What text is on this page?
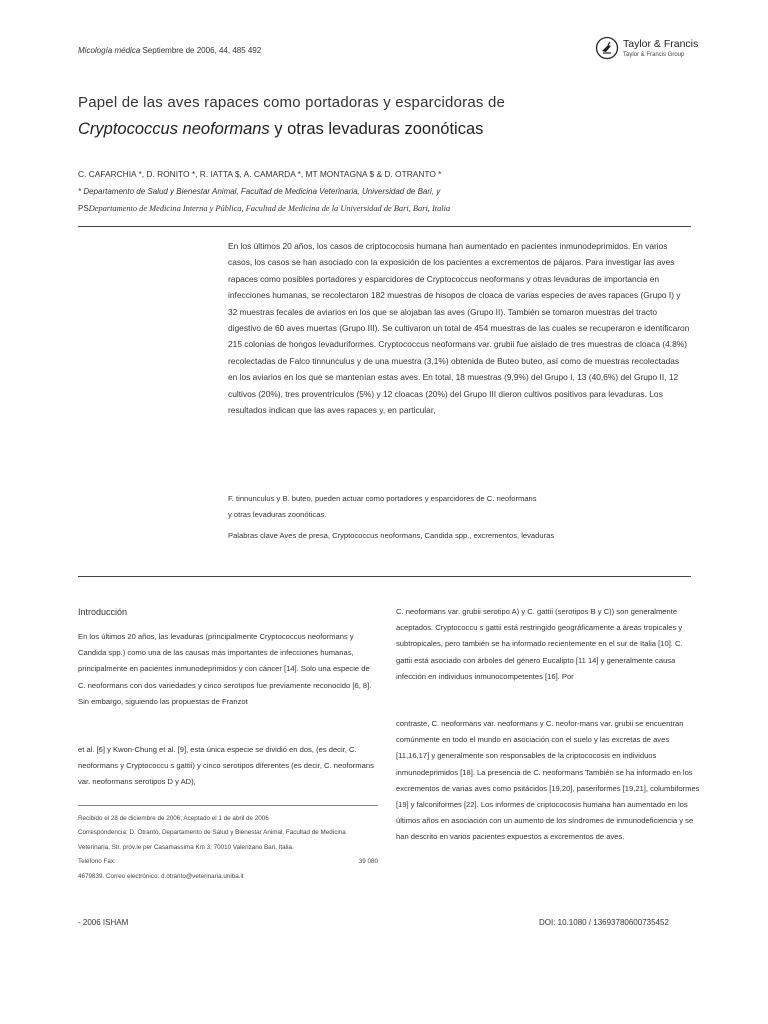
Micología médica Septiembre de 2006, 44, 485 492
Taylor & Francis
Taylor & Francis Group
Papel de las aves rapaces como portadoras y esparcidoras de
Cryptococcus neoformans y otras levaduras zoonóticas
C. CAFARCHIA *, D. RONITO *, R. IATTA $, A. CAMARDA *, MT MONTAGNA $ & D. OTRANTO *
* Departamento de Salud y Bienestar Animal, Facultad de Medicina Veterinaria, Universidad de Bari, y
PSDepartamento de Medicina Interna y Pública, Facultad de Medicina de la Universidad de Bari, Bari, Italia
En los últimos 20 años, los casos de criptococosis humana han aumentado en pacientes inmunodeprimidos. En varios casos, los casos se han asociado con la exposición de los pacientes a excrementos de pájaros. Para investigar las aves rapaces como posibles portadores y esparcidores de Cryptococcus neoformans y otras levaduras de importancia en infecciones humanas, se recolectaron 182 muestras de hisopos de cloaca de varias especies de aves rapaces (Grupo I) y 32 muestras fecales de aviarios en los que se alojaban las aves (Grupo II). También se tomaron muestras del tracto digestivo de 60 aves muertas (Grupo III). Se cultivaron un total de 454 muestras de las cuales se recuperaron e identificaron 215 colonias de hongos levaduriformes. Cryptococcus neoformans var. grubii fue aislado de tres muestras de cloaca (4.8%) recolectadas de Falco tinnunculus y de una muestra (3,1%) obtenida de Buteo buteo, así como de muestras recolectadas en los aviarios en los que se mantenían estas aves. En total, 18 muestras (9,9%) del Grupo I, 13 (40,6%) del Grupo II, 12 cultivos (20%), tres proventrículos (5%) y 12 cloacas (20%) del Grupo III dieron cultivos positivos para levaduras. Los resultados indican que las aves rapaces y, en particular,
F. tinnunculus y B. buteo, pueden actuar como portadores y esparcidores de C. neoformans
y otras levaduras zoonóticas.
Palabras clave Aves de presa, Cryptococcus neoformans, Candida spp., excrementos, levaduras
Introducción
En los últimos 20 años, las levaduras (principalmente Cryptococcus neoformans y Candida spp.) como una de las causas más importantes de infecciones humanas, principalmente en pacientes inmunodeprimidos y con cáncer [14]. Solo una especie de C. neoformans con dos variedades y cinco serotipos fue previamente reconocido [6, 8]. Sin embargo, siguiendo las propuestas de Franzot
et al. [6] y Kwon-Chung et al. [9], esta única especie se dividió en dos, (es decir, C. neoformans y Cryptococcu s gattii) y cinco serotipos diferentes (es decir, C. neoformans var. neoformans serotipos D y AD),
C. neoformans var. grubii serotipo A) y C. gattii (serotipos B y C)) son generalmente aceptados. Cryptococcu s gattii está restringido geográficamente a áreas tropicales y subtropicales, pero también se ha informado recientemente en el sur de Italia [10]. C. gattii está asociado con árboles del género Eucalipto [11 14] y generalmente causa infección en individuos inmunocompetentes [16]. Por
contraste, C. neoformans var. neoformans y C. neofor-mans var. grubii se encuentran comúnmente en todo el mundo en asociación con el suelo y las excretas de aves [11,16,17] y generalmente son responsables de la criptococosis en individuos inmunodeprimidos [18]. La presencia de C. neoformans También se ha informado en los excrementos de varias aves como psitácidos [19,20], paseriformes [19,21], columbiformes [19] y falconiformes [22]. Los informes de criptococosis humana han aumentado en los últimos años en asociación con un aumento de los síndromes de inmunodeficiencia y se han descrito en varios pacientes expuestos a excrementos de aves.
Recibido el 28 de diciembre de 2006; Aceptado el 1 de abril de 2006
Correspondencia: D. Otranto, Departamento de Salud y Bienestar Animal, Facultad de Medicina Veterinaria, Str. prov.le per Casamassima Km 3, 70010 Valenzano Bari, Italia.
Teléfono Fax:	39 080
4679839. Correo electrónico: d.otranto@veterinaria.uniba.it
- 2006 ISHAM	DOI: 10.1080 / 13693780600735452
